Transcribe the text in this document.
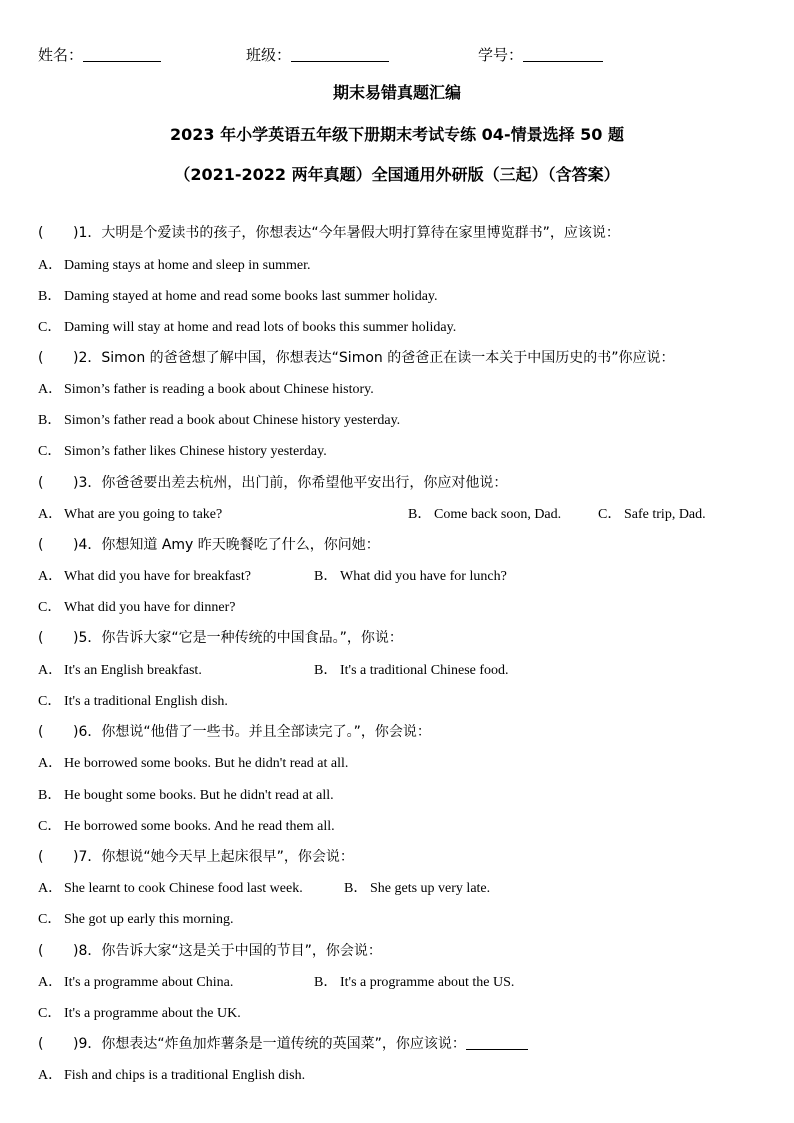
姓名：	班级：	学号：
期末易错真题汇编
2023 年小学英语五年级下册期末考试专练 04-情景选择 50 题
（2021-2022 两年真题）全国通用外研版（三起）（含答案）
( )1．大明是个爱读书的孩子，你想表达“今年暑假大明打算待在家里博览群书”，应该说：
A． Daming stays at home and sleep in summer.
B． Daming stayed at home and read some books last summer holiday.
C． Daming will stay at home and read lots of books this summer holiday.
( )2．Simon 的爸爸想了解中国，你想表达“Simon 的爸爸正在读一本关于中国历史的书”你应说：
A． Simon’s father is reading a book about Chinese history.
B． Simon’s father read a book about Chinese history yesterday.
C． Simon’s father likes Chinese history yesterday.
( )3．你爸爸要出差去杭州，出门前，你希望他平安出行，你应对他说：
A． What are you going to take?	B． Come back soon, Dad.	C． Safe trip, Dad.
( )4．你想知道 Amy 昨天晚餐吃了什么，你问她：
A． What did you have for breakfast?	B． What did you have for lunch?
C． What did you have for dinner?
( )5．你告诉大家“它是一种传统的中国食品。”，你说：
A． It's an English breakfast.	B． It's a traditional Chinese food.
C． It's a traditional English dish.
( )6．你想说“他借了一些书。并且全部读完了。”，你会说：
A． He borrowed some books. But he didn't read at all.
B． He bought some books. But he didn't read at all.
C． He borrowed some books. And he read them all.
( )7．你想说“她今天早上起床很早”，你会说：
A． She learnt to cook Chinese food last week.	B． She gets up very late.
C． She got up early this morning.
( )8．你告诉大家“这是关于中国的节目”，你会说：
A． It's a programme about China.	B． It's a programme about the US.
C． It's a programme about the UK.
( )9．你想表达“炸鱼加炸薯条是一道传统的英国菜”，你应该说：
A． Fish and chips is a traditional English dish.
